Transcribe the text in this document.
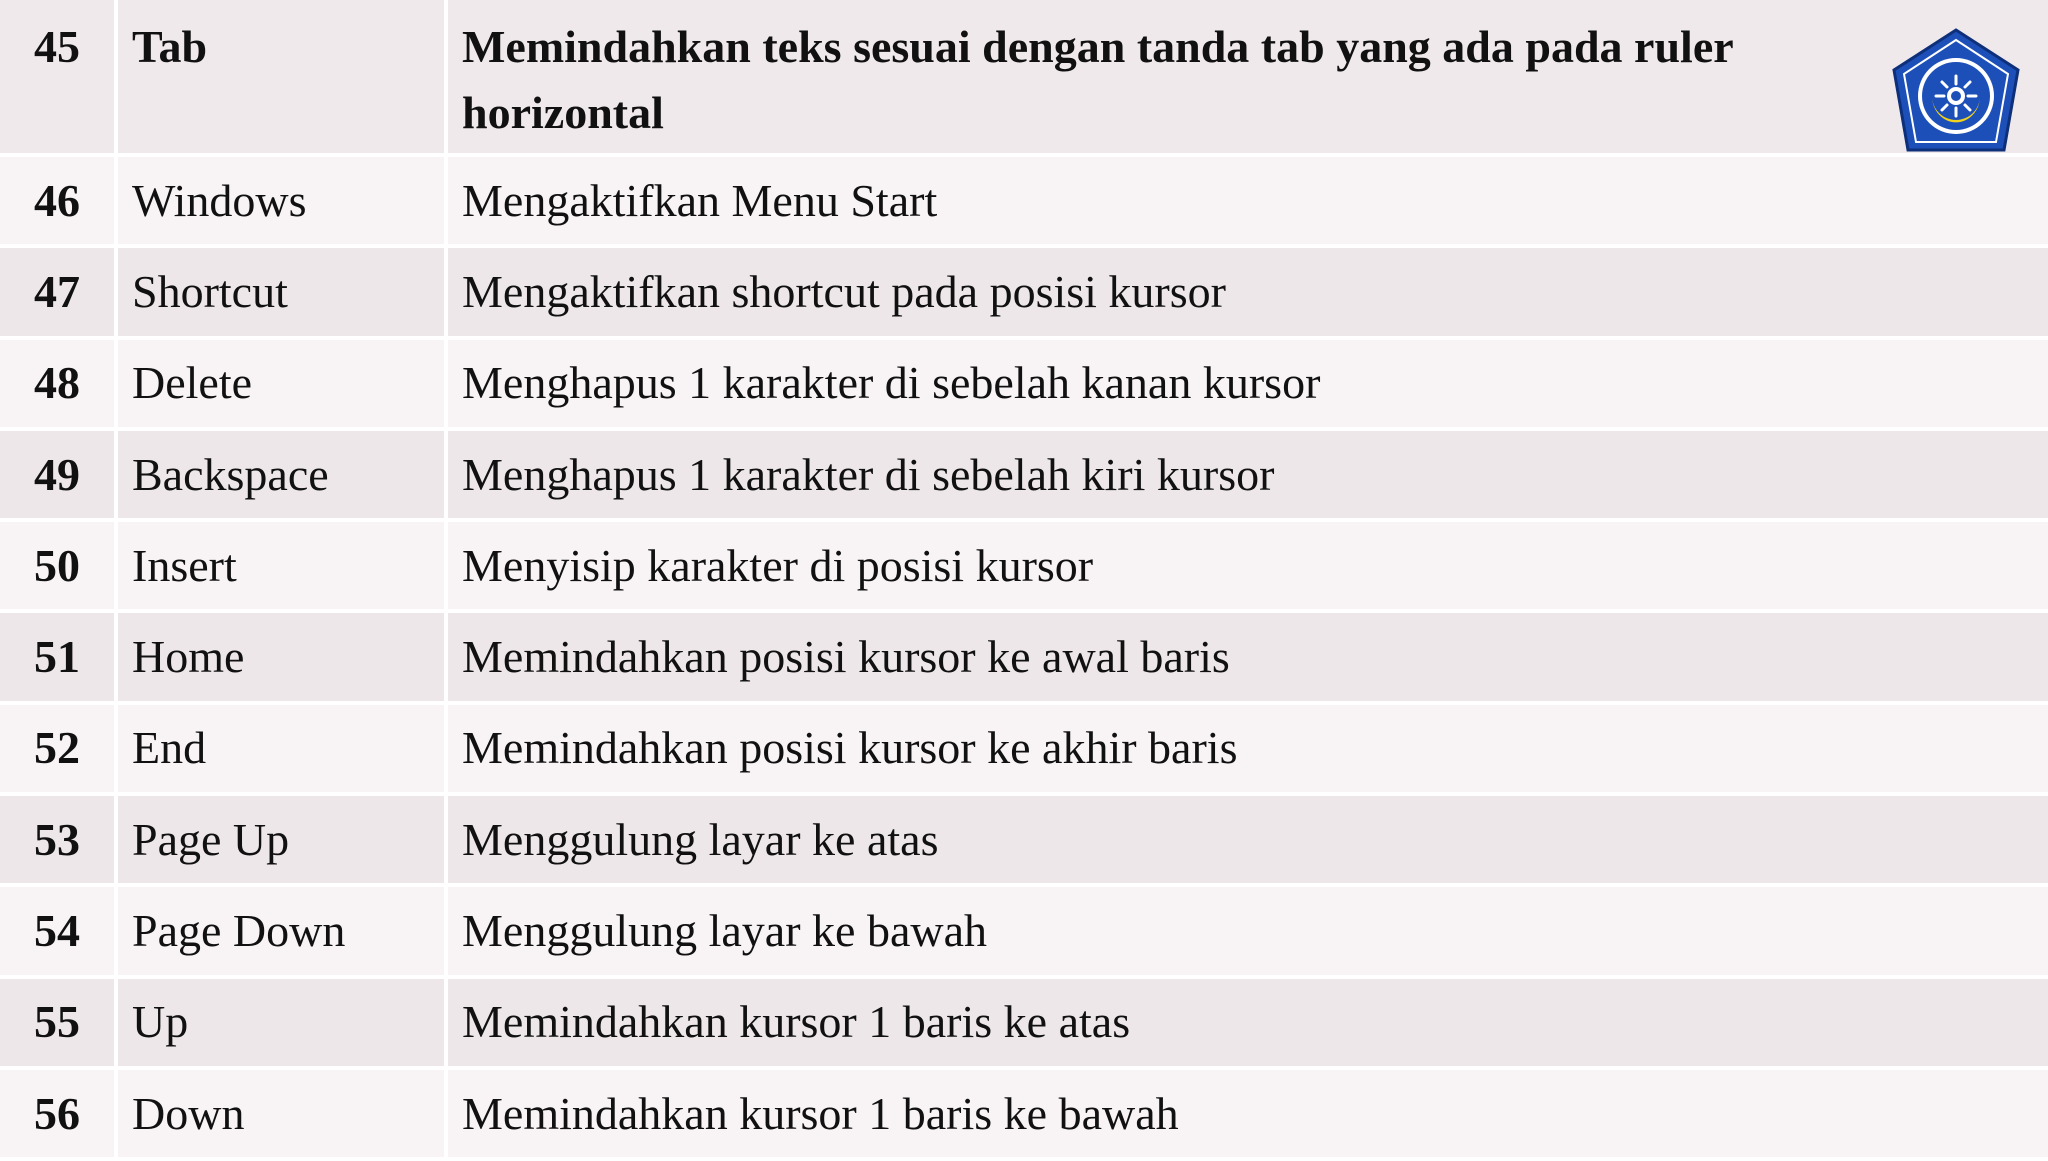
45	Tab	Memindahkan teks sesuai dengan tanda tab yang ada pada ruler horizontal
46	Windows	Mengaktifkan Menu Start
47	Shortcut	Mengaktifkan shortcut pada posisi kursor
48	Delete	Menghapus 1 karakter di sebelah kanan kursor
49	Backspace	Menghapus 1 karakter di sebelah kiri kursor
50	Insert	Menyisip karakter di posisi kursor
51	Home	Memindahkan posisi kursor ke awal baris
52	End	Memindahkan posisi kursor ke akhir baris
53	Page Up	Menggulung layar ke atas
54	Page Down	Menggulung layar ke bawah
55	Up	Memindahkan kursor 1 baris ke atas
56	Down	Memindahkan kursor 1 baris ke bawah
